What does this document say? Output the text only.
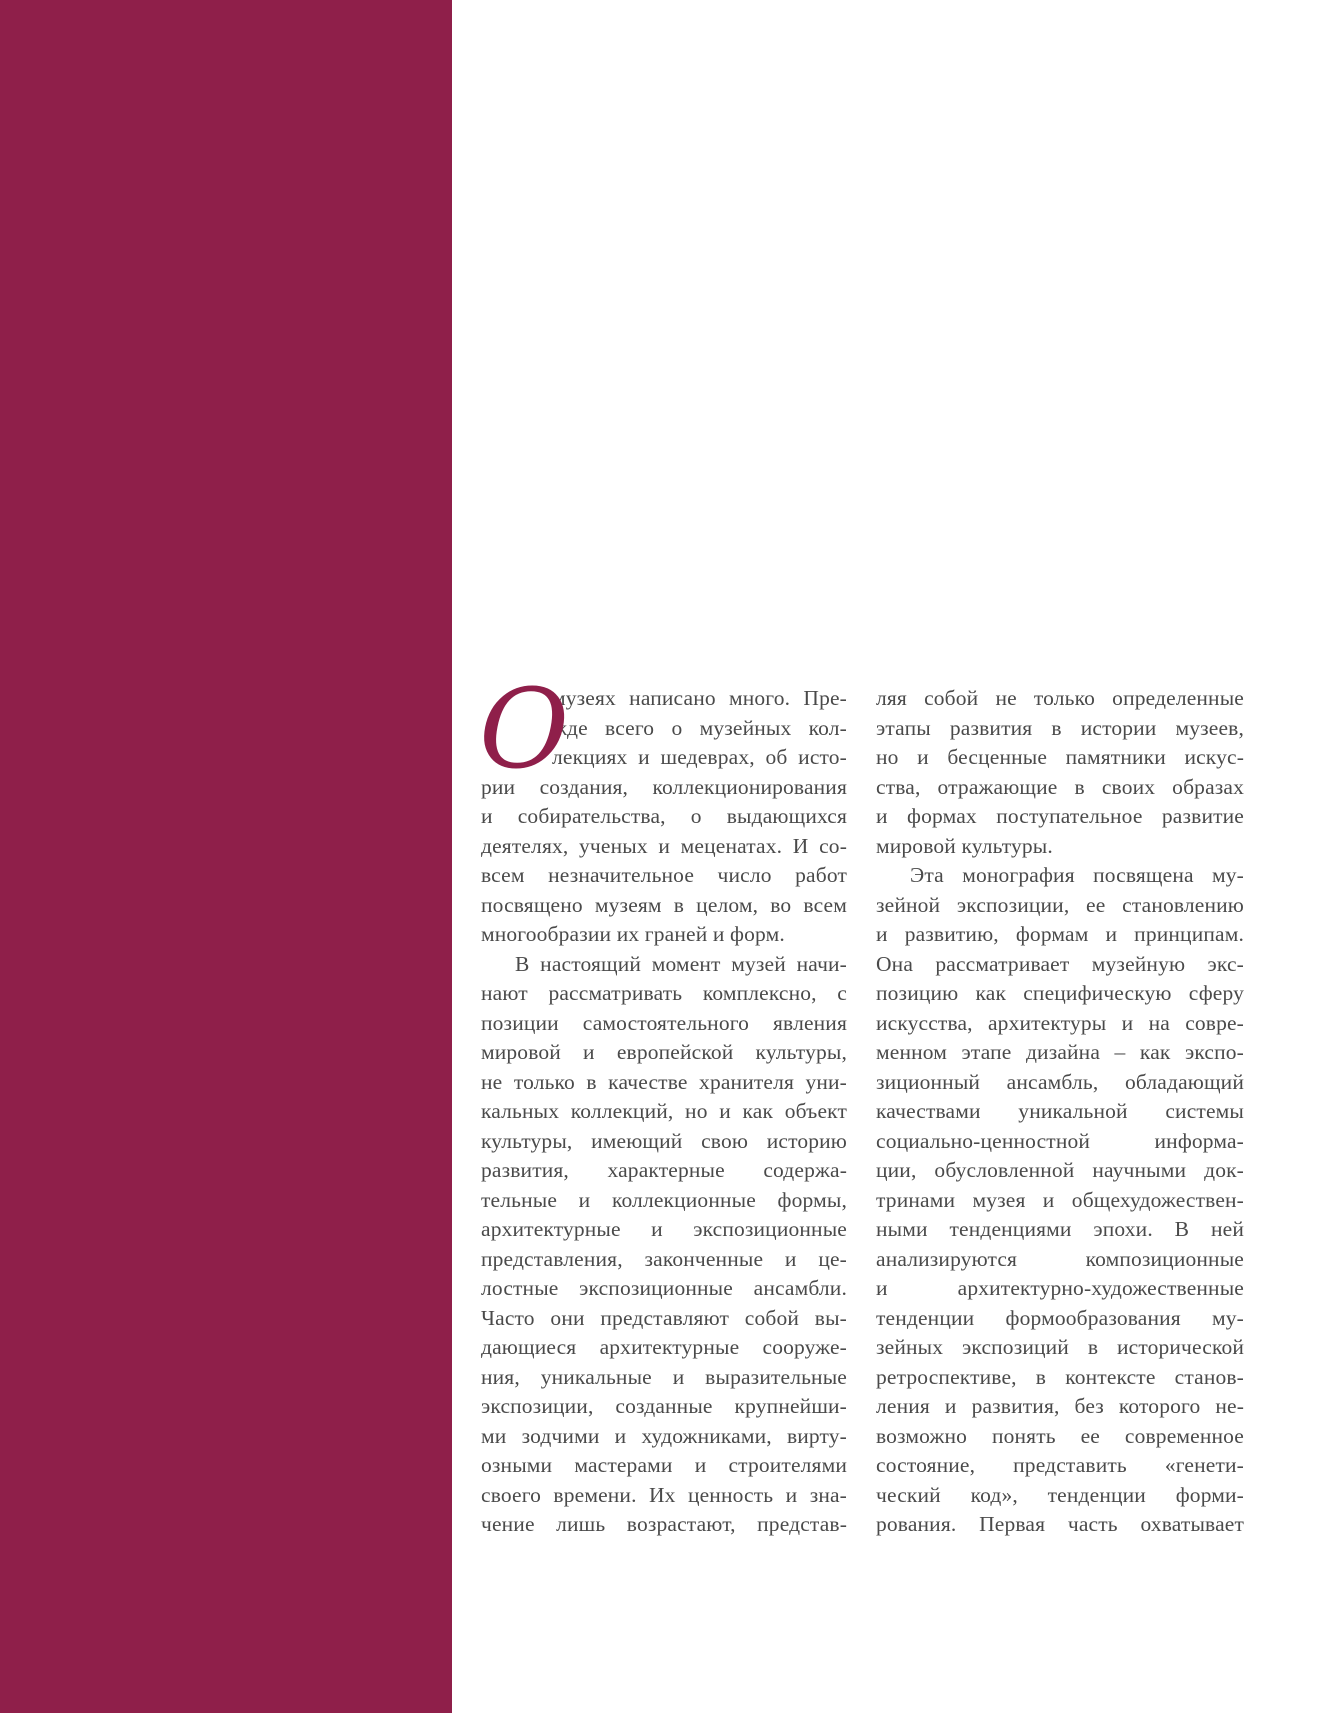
О
музеях написано много. Пре-
жде всего о музейных кол-
лекциях и шедеврах, об исто-
рии создания, коллекционирования
и собирательства, о выдающихся
деятелях, ученых и меценатах. И со-
всем незначительное число работ
посвящено музеям в целом, во всем
многообразии их граней и форм.
В настоящий момент музей начи-
нают рассматривать комплексно, с
позиции самостоятельного явления
мировой и европейской культуры,
не только в качестве хранителя уни-
кальных коллекций, но и как объект
культуры, имеющий свою историю
развития, характерные содержа-
тельные и коллекционные формы,
архитектурные и экспозиционные
представления, законченные и це-
лостные экспозиционные ансамбли.
Часто они представляют собой вы-
дающиеся архитектурные сооруже-
ния, уникальные и выразительные
экспозиции, созданные крупнейши-
ми зодчими и художниками, вирту-
озными мастерами и строителями
своего времени. Их ценность и зна-
чение лишь возрастают, представ-
ляя собой не только определенные
этапы развития в истории музеев,
но и бесценные памятники искус-
ства, отражающие в своих образах
и формах поступательное развитие
мировой культуры.
Эта монография посвящена му-
зейной экспозиции, ее становлению
и развитию, формам и принципам.
Она рассматривает музейную экс-
позицию как специфическую сферу
искусства, архитектуры и на совре-
менном этапе дизайна – как экспо-
зиционный ансамбль, обладающий
качествами уникальной системы
социально-ценностной информа-
ции, обусловленной научными док-
тринами музея и общехудожествен-
ными тенденциями эпохи. В ней
анализируются композиционные
и архитектурно-художественные
тенденции формообразования му-
зейных экспозиций в исторической
ретроспективе, в контексте станов-
ления и развития, без которого не-
возможно понять ее современное
состояние, представить «генети-
ческий код», тенденции форми-
рования. Первая часть охватывает
